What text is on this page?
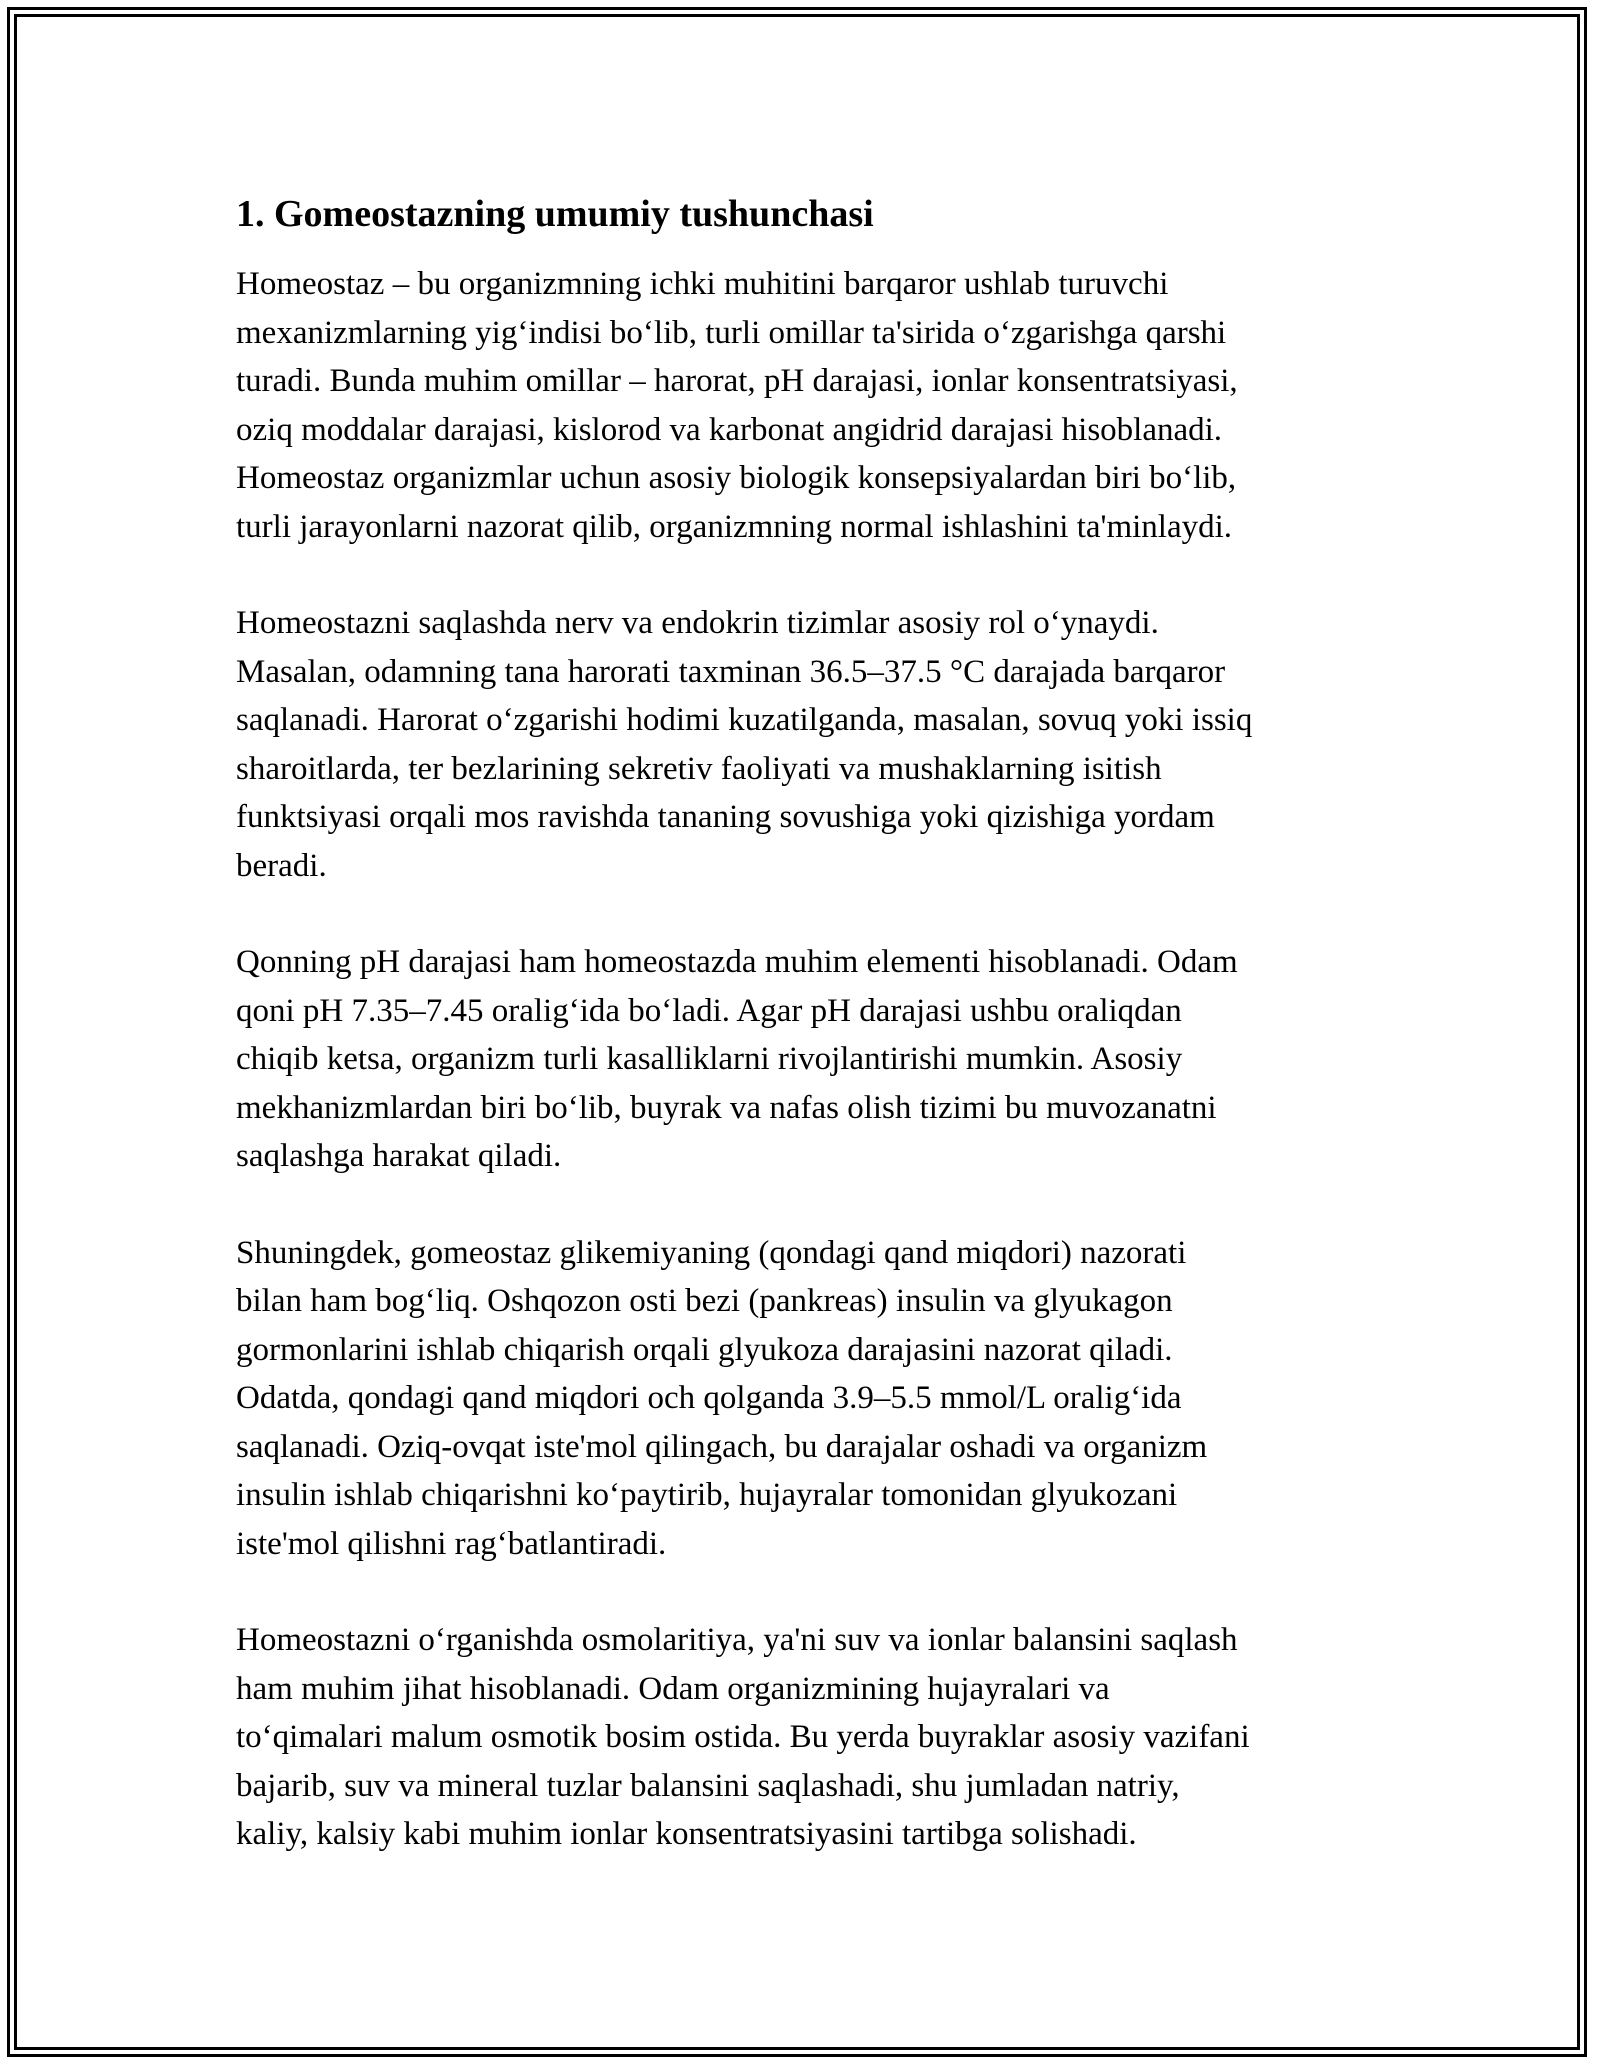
1. Gomeostazning umumiy tushunchasi

Homeostaz – bu organizmning ichki muhitini barqaror ushlab turuvchi
mexanizmlarning yig‘indisi bo‘lib, turli omillar ta'sirida o‘zgarishga qarshi
turadi. Bunda muhim omillar – harorat, pH darajasi, ionlar konsentratsiyasi,
oziq moddalar darajasi, kislorod va karbonat angidrid darajasi hisoblanadi.
Homeostaz organizmlar uchun asosiy biologik konsepsiyalardan biri bo‘lib,
turli jarayonlarni nazorat qilib, organizmning normal ishlashini ta'minlaydi.

Homeostazni saqlashda nerv va endokrin tizimlar asosiy rol o‘ynaydi.
Masalan, odamning tana harorati taxminan 36.5–37.5 °C darajada barqaror
saqlanadi. Harorat o‘zgarishi hodimi kuzatilganda, masalan, sovuq yoki issiq
sharoitlarda, ter bezlarining sekretiv faoliyati va mushaklarning isitish
funktsiyasi orqali mos ravishda tananing sovushiga yoki qizishiga yordam
beradi.

Qonning pH darajasi ham homeostazda muhim elementi hisoblanadi. Odam
qoni pH 7.35–7.45 oralig‘ida bo‘ladi. Agar pH darajasi ushbu oraliqdan
chiqib ketsa, organizm turli kasalliklarni rivojlantirishi mumkin. Asosiy
mekhanizmlardan biri bo‘lib, buyrak va nafas olish tizimi bu muvozanatni
saqlashga harakat qiladi.

Shuningdek, gomeostaz glikemiyaning (qondagi qand miqdori) nazorati
bilan ham bog‘liq. Oshqozon osti bezi (pankreas) insulin va glyukagon
gormonlarini ishlab chiqarish orqali glyukoza darajasini nazorat qiladi.
Odatda, qondagi qand miqdori och qolganda 3.9–5.5 mmol/L oralig‘ida
saqlanadi. Oziq-ovqat iste'mol qilingach, bu darajalar oshadi va organizm
insulin ishlab chiqarishni ko‘paytirib, hujayralar tomonidan glyukozani
iste'mol qilishni rag‘batlantiradi.

Homeostazni o‘rganishda osmolaritiya, ya'ni suv va ionlar balansini saqlash
ham muhim jihat hisoblanadi. Odam organizmining hujayralari va
to‘qimalari malum osmotik bosim ostida. Bu yerda buyraklar asosiy vazifani
bajarib, suv va mineral tuzlar balansini saqlashadi, shu jumladan natriy,
kaliy, kalsiy kabi muhim ionlar konsentratsiyasini tartibga solishadi.
